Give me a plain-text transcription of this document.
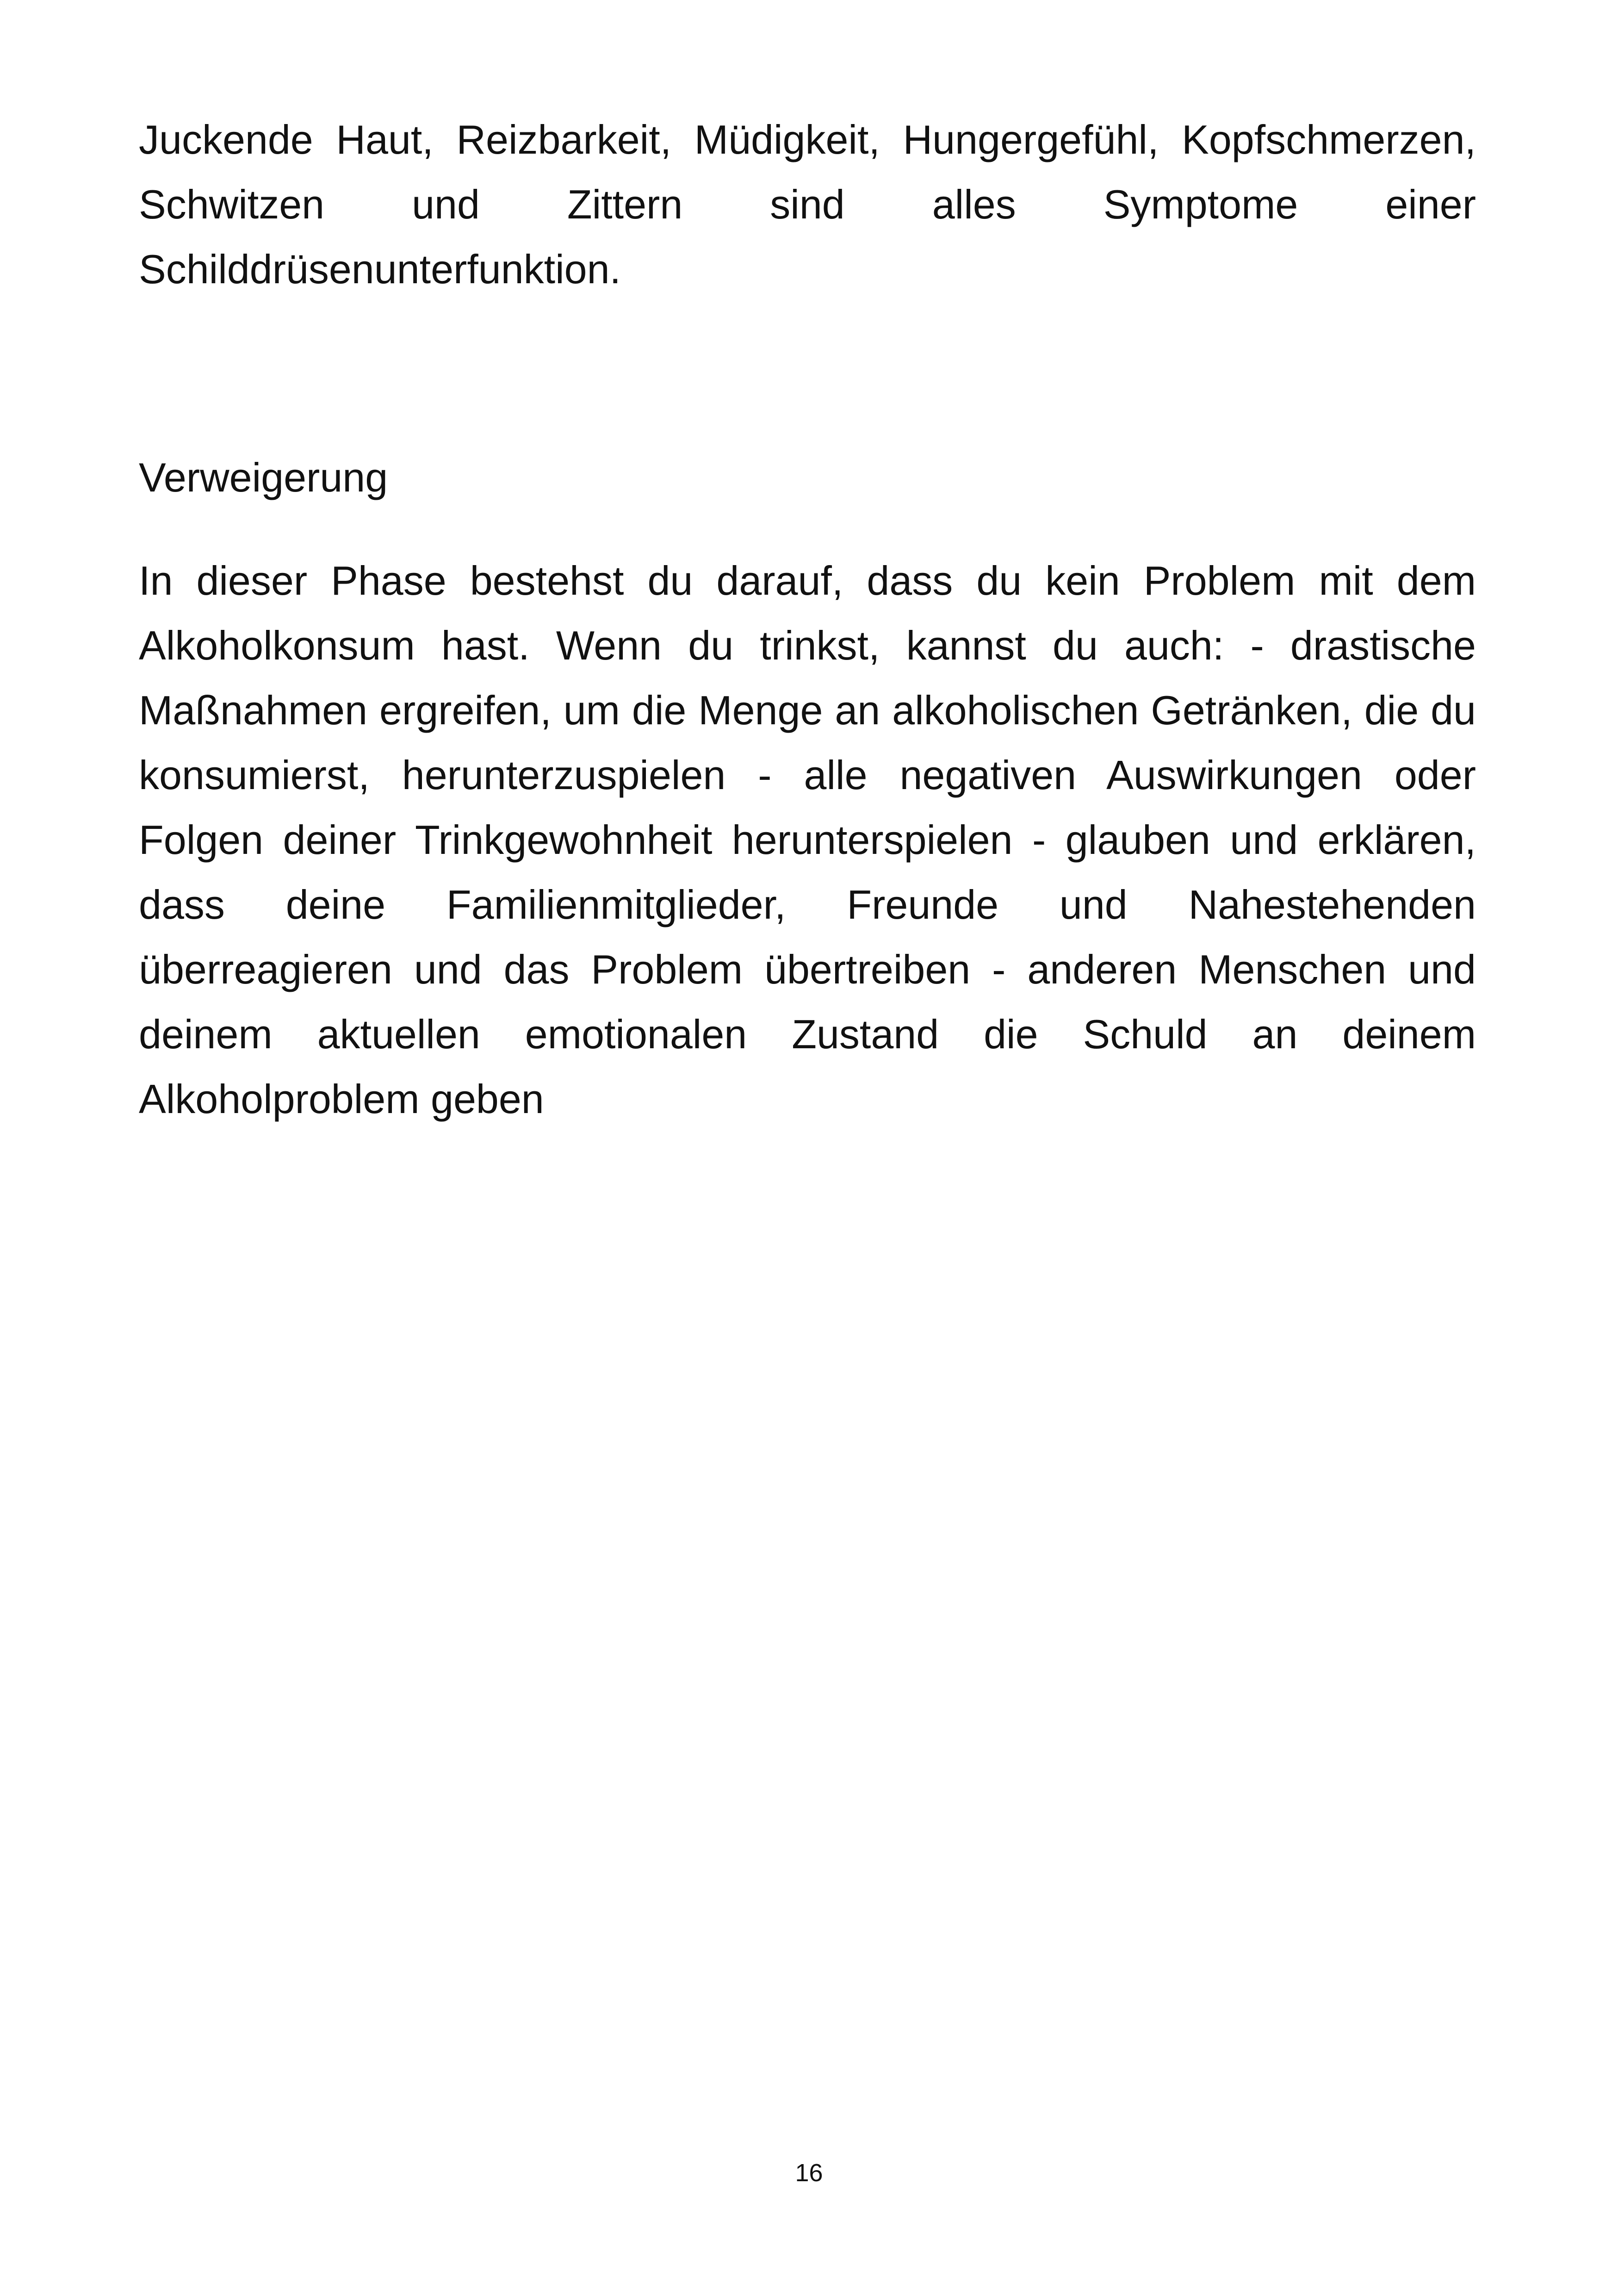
Juckende Haut, Reizbarkeit, Müdigkeit, Hungergefühl, Kopfschmerzen, Schwitzen und Zittern sind alles Symptome einer Schilddrüsenunterfunktion.

Verweigerung

In dieser Phase bestehst du darauf, dass du kein Problem mit dem Alkoholkonsum hast. Wenn du trinkst, kannst du auch: - drastische Maßnahmen ergreifen, um die Menge an alkoholischen Getränken, die du konsumierst, herunterzuspielen - alle negativen Auswirkungen oder Folgen deiner Trinkgewohnheit herunterspielen - glauben und erklären, dass deine Familienmitglieder, Freunde und Nahestehenden überreagieren und das Problem übertreiben - anderen Menschen und deinem aktuellen emotionalen Zustand die Schuld an deinem Alkoholproblem geben

16
